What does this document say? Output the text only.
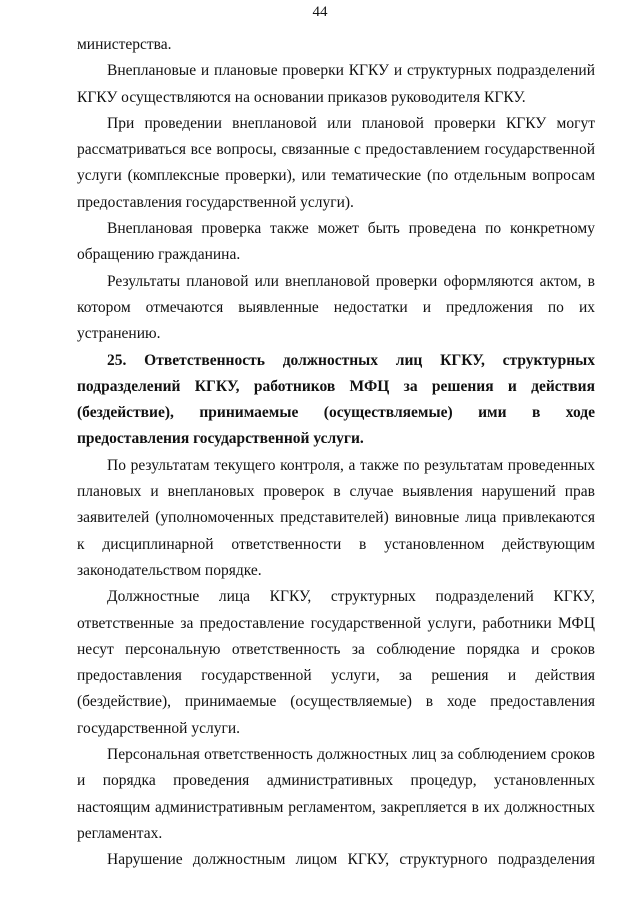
44

министерства.

Внеплановые и плановые проверки КГКУ и структурных подразделений КГКУ осуществляются на основании приказов руководителя КГКУ.

При проведении внеплановой или плановой проверки КГКУ могут рассматриваться все вопросы, связанные с предоставлением государственной услуги (комплексные проверки), или тематические (по отдельным вопросам предоставления государственной услуги).

Внеплановая проверка также может быть проведена по конкретному обращению гражданина.

Результаты плановой или внеплановой проверки оформляются актом, в котором отмечаются выявленные недостатки и предложения по их устранению.

25. Ответственность должностных лиц КГКУ, структурных подразделений КГКУ, работников МФЦ за решения и действия (бездействие), принимаемые (осуществляемые) ими в ходе предоставления государственной услуги.

По результатам текущего контроля, а также по результатам проведенных плановых и внеплановых проверок в случае выявления нарушений прав заявителей (уполномоченных представителей) виновные лица привлекаются к дисциплинарной ответственности в установленном действующим законодательством порядке.

Должностные лица КГКУ, структурных подразделений КГКУ, ответственные за предоставление государственной услуги, работники МФЦ несут персональную ответственность за соблюдение порядка и сроков предоставления государственной услуги, за решения и действия (бездействие), принимаемые (осуществляемые) в ходе предоставления государственной услуги.

Персональная ответственность должностных лиц за соблюдением сроков и порядка проведения административных процедур, установленных настоящим административным регламентом, закрепляется в их должностных регламентах.

Нарушение должностным лицом КГКУ, структурного подразделения
